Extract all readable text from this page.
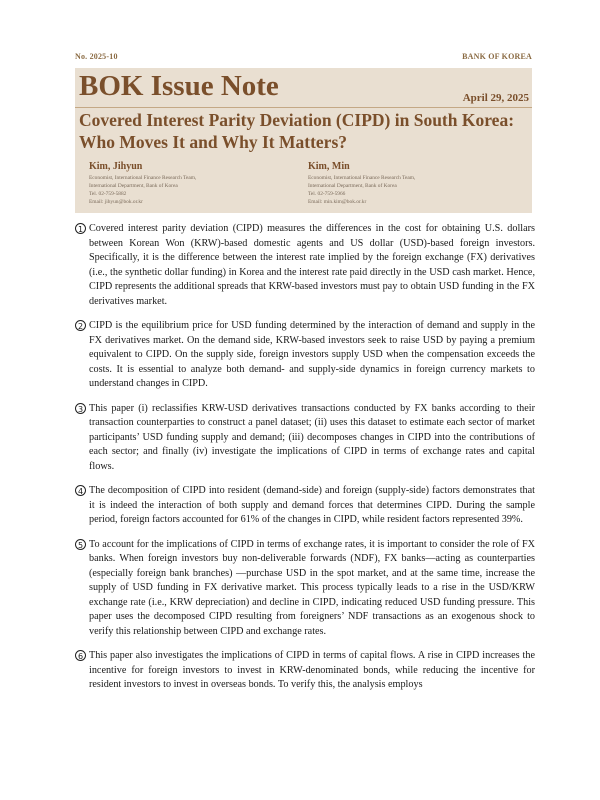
No. 2025-10	BANK OF KOREA
BOK Issue Note	April 29, 2025
Covered Interest Parity Deviation (CIPD) in South Korea:
Who Moves It and Why It Matters?
Kim, Jihyun
Economist, International Finance Research Team,
International Department, Bank of Korea
Tel. 02-759-5882
Email: jihyun@bok.or.kr
Kim, Min
Economist, International Finance Research Team,
International Department, Bank of Korea
Tel. 02-759-5966
Email: min.kim@bok.or.kr
1 Covered interest parity deviation (CIPD) measures the differences in the cost for obtaining U.S. dollars between Korean Won (KRW)-based domestic agents and US dollar (USD)-based foreign investors. Specifically, it is the difference between the interest rate implied by the foreign exchange (FX) derivatives (i.e., the synthetic dollar funding) in Korea and the interest rate paid directly in the USD cash market. Hence, CIPD represents the additional spreads that KRW-based investors must pay to obtain USD funding in the FX derivatives market.
2 CIPD is the equilibrium price for USD funding determined by the interaction of demand and supply in the FX derivatives market. On the demand side, KRW-based investors seek to raise USD by paying a premium equivalent to CIPD. On the supply side, foreign investors supply USD when the compensation exceeds the costs. It is essential to analyze both demand- and supply-side dynamics in foreign currency markets to understand changes in CIPD.
3 This paper (i) reclassifies KRW-USD derivatives transactions conducted by FX banks according to their transaction counterparties to construct a panel dataset; (ii) uses this dataset to estimate each sector of market participants’ USD funding supply and demand; (iii) decomposes changes in CIPD into the contributions of each sector; and finally (iv) investigate the implications of CIPD in terms of exchange rates and capital flows.
4 The decomposition of CIPD into resident (demand-side) and foreign (supply-side) factors demonstrates that it is indeed the interaction of both supply and demand forces that determines CIPD. During the sample period, foreign factors accounted for 61% of the changes in CIPD, while resident factors represented 39%.
5 To account for the implications of CIPD in terms of exchange rates, it is important to consider the role of FX banks. When foreign investors buy non-deliverable forwards (NDF), FX banks—acting as counterparties (especially foreign bank branches) —purchase USD in the spot market, and at the same time, increase the supply of USD funding in FX derivative market. This process typically leads to a rise in the USD/KRW exchange rate (i.e., KRW depreciation) and decline in CIPD, indicating reduced USD funding pressure. This paper uses the decomposed CIPD resulting from foreigners’ NDF transactions as an exogenous shock to verify this relationship between CIPD and exchange rates.
6 This paper also investigates the implications of CIPD in terms of capital flows. A rise in CIPD increases the incentive for foreign investors to invest in KRW-denominated bonds, while reducing the incentive for resident investors to invest in overseas bonds. To verify this, the analysis employs
